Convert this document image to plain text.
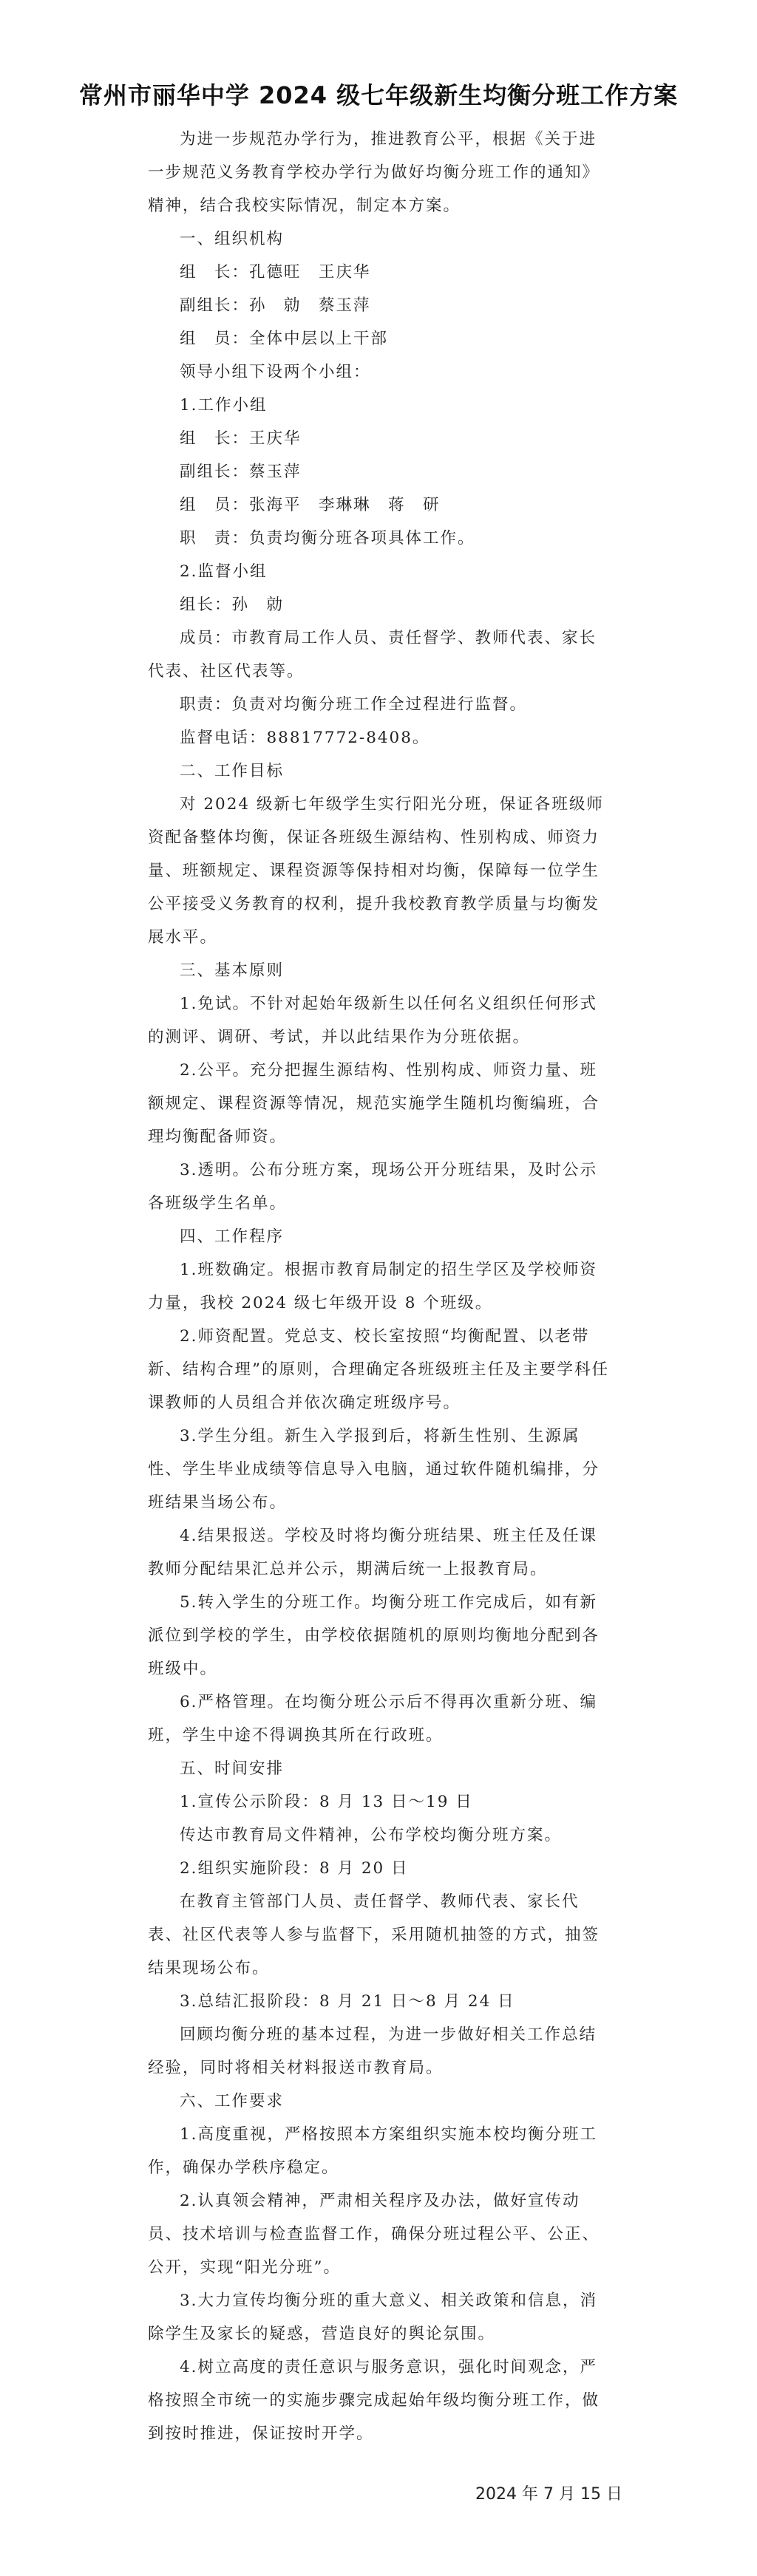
常州市丽华中学 2024 级七年级新生均衡分班工作方案

为进一步规范办学行为，推进教育公平，根据《关于进一步规范义务教育学校办学行为做好均衡分班工作的通知》精神，结合我校实际情况，制定本方案。

一、组织机构

组　长：孔德旺　王庆华

副组长：孙　勍　蔡玉萍

组　员：全体中层以上干部

领导小组下设两个小组：

1.工作小组

组　长：王庆华

副组长：蔡玉萍

组　员：张海平　李琳琳　蒋　研

职　责：负责均衡分班各项具体工作。

2.监督小组

组长：孙　勍

成员：市教育局工作人员、责任督学、教师代表、家长代表、社区代表等。

职责：负责对均衡分班工作全过程进行监督。

监督电话：88817772-8408。

二、工作目标

对 2024 级新七年级学生实行阳光分班，保证各班级师资配备整体均衡，保证各班级生源结构、性别构成、师资力量、班额规定、课程资源等保持相对均衡，保障每一位学生公平接受义务教育的权利，提升我校教育教学质量与均衡发展水平。

三、基本原则

1.免试。不针对起始年级新生以任何名义组织任何形式的测评、调研、考试，并以此结果作为分班依据。

2.公平。充分把握生源结构、性别构成、师资力量、班额规定、课程资源等情况，规范实施学生随机均衡编班，合理均衡配备师资。

3.透明。公布分班方案，现场公开分班结果，及时公示各班级学生名单。

四、工作程序

1.班数确定。根据市教育局制定的招生学区及学校师资力量，我校 2024 级七年级开设 8 个班级。

2.师资配置。党总支、校长室按照“均衡配置、以老带新、结构合理”的原则，合理确定各班级班主任及主要学科任课教师的人员组合并依次确定班级序号。

3.学生分组。新生入学报到后，将新生性别、生源属性、学生毕业成绩等信息导入电脑，通过软件随机编排，分班结果当场公布。

4.结果报送。学校及时将均衡分班结果、班主任及任课教师分配结果汇总并公示，期满后统一上报教育局。

5.转入学生的分班工作。均衡分班工作完成后，如有新派位到学校的学生，由学校依据随机的原则均衡地分配到各班级中。

6.严格管理。在均衡分班公示后不得再次重新分班、编班，学生中途不得调换其所在行政班。

五、时间安排

1.宣传公示阶段：8 月 13 日～19 日

传达市教育局文件精神，公布学校均衡分班方案。

2.组织实施阶段：8 月 20 日

在教育主管部门人员、责任督学、教师代表、家长代表、社区代表等人参与监督下，采用随机抽签的方式，抽签结果现场公布。

3.总结汇报阶段：8 月 21 日～8 月 24 日

回顾均衡分班的基本过程，为进一步做好相关工作总结经验，同时将相关材料报送市教育局。

六、工作要求

1.高度重视，严格按照本方案组织实施本校均衡分班工作，确保办学秩序稳定。

2.认真领会精神，严肃相关程序及办法，做好宣传动员、技术培训与检查监督工作，确保分班过程公平、公正、公开，实现“阳光分班”。

3.大力宣传均衡分班的重大意义、相关政策和信息，消除学生及家长的疑惑，营造良好的舆论氛围。

4.树立高度的责任意识与服务意识，强化时间观念，严格按照全市统一的实施步骤完成起始年级均衡分班工作，做到按时推进，保证按时开学。

2024 年 7 月 15 日
